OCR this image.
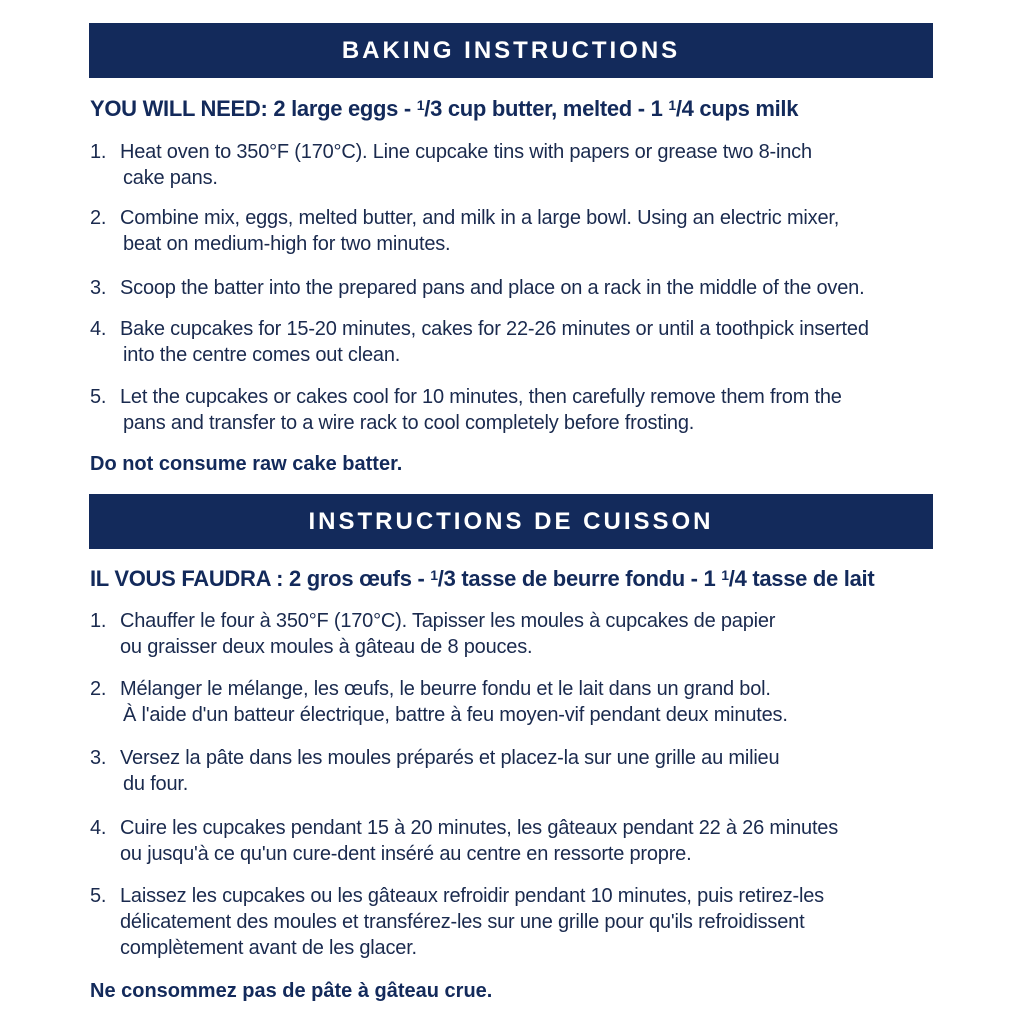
BAKING INSTRUCTIONS
YOU WILL NEED: 2 large eggs - $^1$/3 cup butter, melted - 1 $^1$/4 cups milk
1. Heat oven to 350°F (170°C). Line cupcake tins with papers or grease two 8-inch
cake pans.
2. Combine mix, eggs, melted butter, and milk in a large bowl. Using an electric mixer,
beat on medium-high for two minutes.
3. Scoop the batter into the prepared pans and place on a rack in the middle of the oven.
4. Bake cupcakes for 15-20 minutes, cakes for 22-26 minutes or until a toothpick inserted
into the centre comes out clean.
5. Let the cupcakes or cakes cool for 10 minutes, then carefully remove them from the
pans and transfer to a wire rack to cool completely before frosting.
Do not consume raw cake batter.
INSTRUCTIONS DE CUISSON
IL VOUS FAUDRA : 2 gros œufs - $^1$/3 tasse de beurre fondu - 1 $^1$/4 tasse de lait
1. Chauffer le four à 350°F (170°C). Tapisser les moules à cupcakes de papier
ou graisser deux moules à gâteau de 8 pouces.
2. Mélanger le mélange, les œufs, le beurre fondu et le lait dans un grand bol.
À l'aide d'un batteur électrique, battre à feu moyen-vif pendant deux minutes.
3. Versez la pâte dans les moules préparés et placez-la sur une grille au milieu
du four.
4. Cuire les cupcakes pendant 15 à 20 minutes, les gâteaux pendant 22 à 26 minutes
ou jusqu'à ce qu'un cure-dent inséré au centre en ressorte propre.
5. Laissez les cupcakes ou les gâteaux refroidir pendant 10 minutes, puis retirez-les
délicatement des moules et transférez-les sur une grille pour qu'ils refroidissent
complètement avant de les glacer.
Ne consommez pas de pâte à gâteau crue.
